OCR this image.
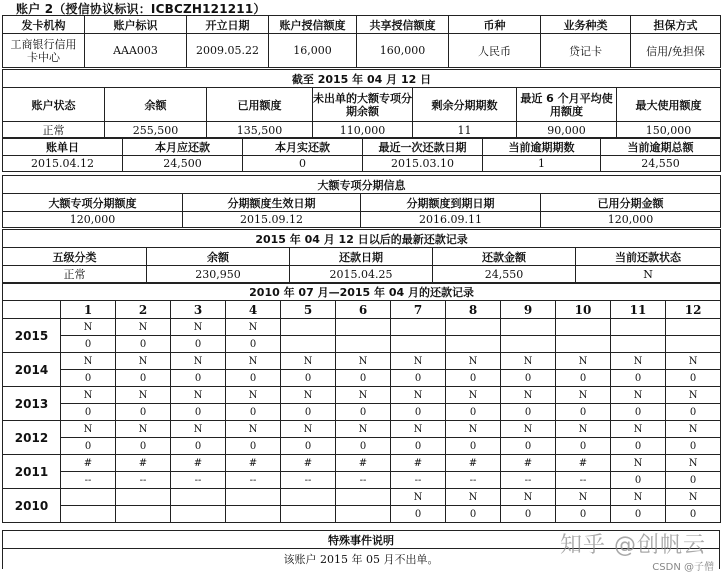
账户 2（授信协议标识：ICBCZH121211）
发卡机构	账户标识	开立日期	账户授信额度	共享授信额度	币种	业务种类	担保方式
工商银行信用卡中心	AAA003	2009.05.22	16,000	160,000	人民币	贷记卡	信用/免担保
截至 2015 年 04 月 12 日						
账户状态	余额	已用额度	未出单的大额专项分期余额	剩余分期期数	最近 6 个月平均使用额度	最大使用额度
正常	255,500	135,500	110,000	11	90,000	150,000
账单日	本月应还款	本月实还款	最近一次还款日期	当前逾期期数	当前逾期总额
2015.04.12	24,500	0	2015.03.10	1	24,550
大额专项分期信息			
大额专项分期额度	分期额度生效日期	分期额度到期日期	已用分期金额
120,000	2015.09.12	2016.09.11	120,000
2015 年 04 月 12 日以后的最新还款记录				
五级分类	余额	还款日期	还款金额	当前还款状态
正常	230,950	2015.04.25	24,550	N
2010 年 07 月—2015 年 04 月的还款记录												
	1	2	3	4	5	6	7	8	9	10	11	12
2015	N	N	N	N								
	0	0	0	0								
2014	N	N	N	N	N	N	N	N	N	N	N	N
	0	0	0	0	0	0	0	0	0	0	0	0
2013	N	N	N	N	N	N	N	N	N	N	N	N
	0	0	0	0	0	0	0	0	0	0	0	0
2012	N	N	N	N	N	N	N	N	N	N	N	N
	0	0	0	0	0	0	0	0	0	0	0	0
2011	#	#	#	#	#	#	#	#	#	#	N	N
	--	--	--	--	--	--	--	--	--	--	0	0
2010							N	N	N	N	N	N
							0	0	0	0	0	0
特殊事件说明
该账户 2015 年 05 月不出单。
知乎 @创帆云
CSDN @子僧
